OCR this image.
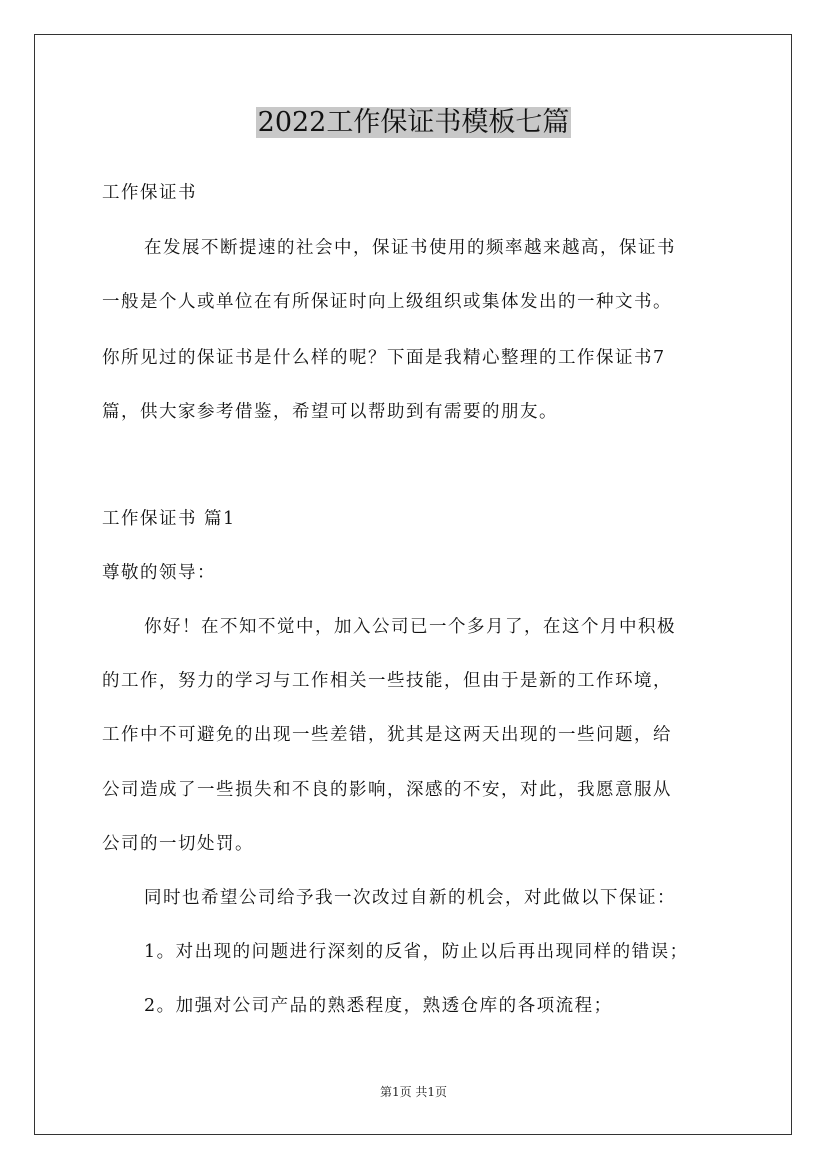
2022工作保证书模板七篇
工作保证书
在发展不断提速的社会中，保证书使用的频率越来越高，保证书
一般是个人或单位在有所保证时向上级组织或集体发出的一种文书。
你所见过的保证书是什么样的呢？下面是我精心整理的工作保证书7
篇，供大家参考借鉴，希望可以帮助到有需要的朋友。
工作保证书 篇1
尊敬的领导：
你好！在不知不觉中，加入公司已一个多月了，在这个月中积极
的工作，努力的学习与工作相关一些技能，但由于是新的工作环境，
工作中不可避免的出现一些差错，犹其是这两天出现的一些问题，给
公司造成了一些损失和不良的影响，深感的不安，对此，我愿意服从
公司的一切处罚。
同时也希望公司给予我一次改过自新的机会，对此做以下保证：
1。对出现的问题进行深刻的反省，防止以后再出现同样的错误；
2。加强对公司产品的熟悉程度，熟透仓库的各项流程；
第1页 共1页
